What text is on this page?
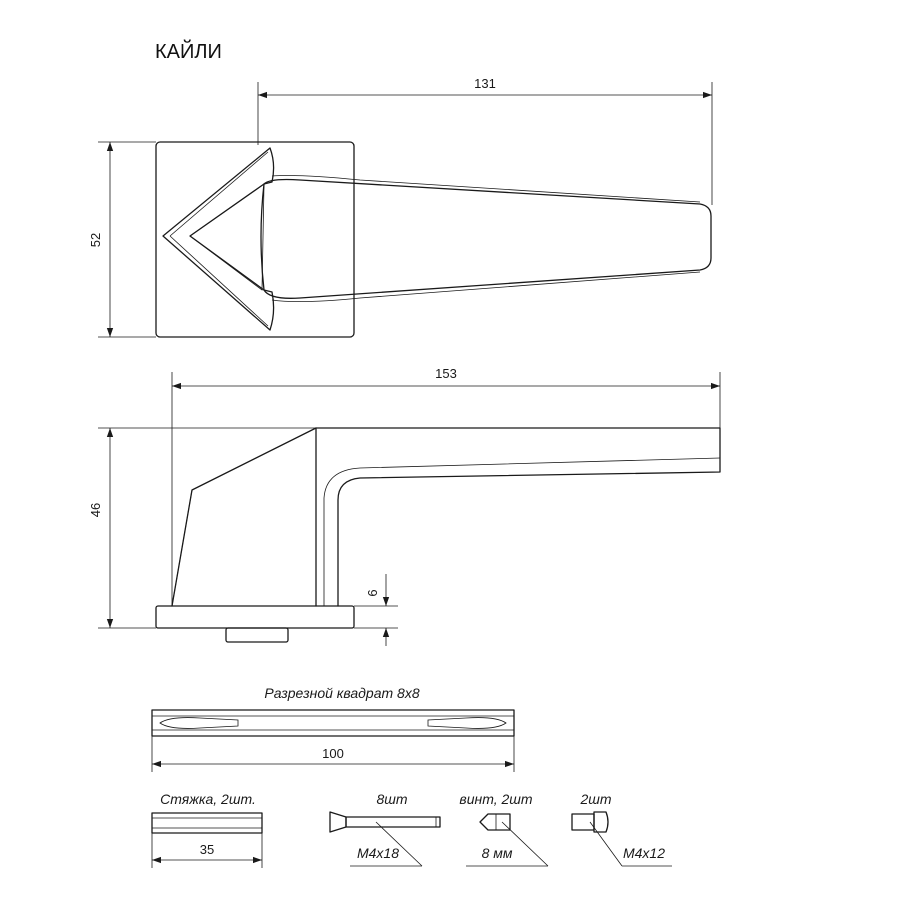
КАЙЛИ
131
52
153
46
6
Разрезной квадрат 8х8
100
Стяжка, 2шт.
35
8шт
M4x18
винт, 2шт
8 мм
2шт
M4x12
